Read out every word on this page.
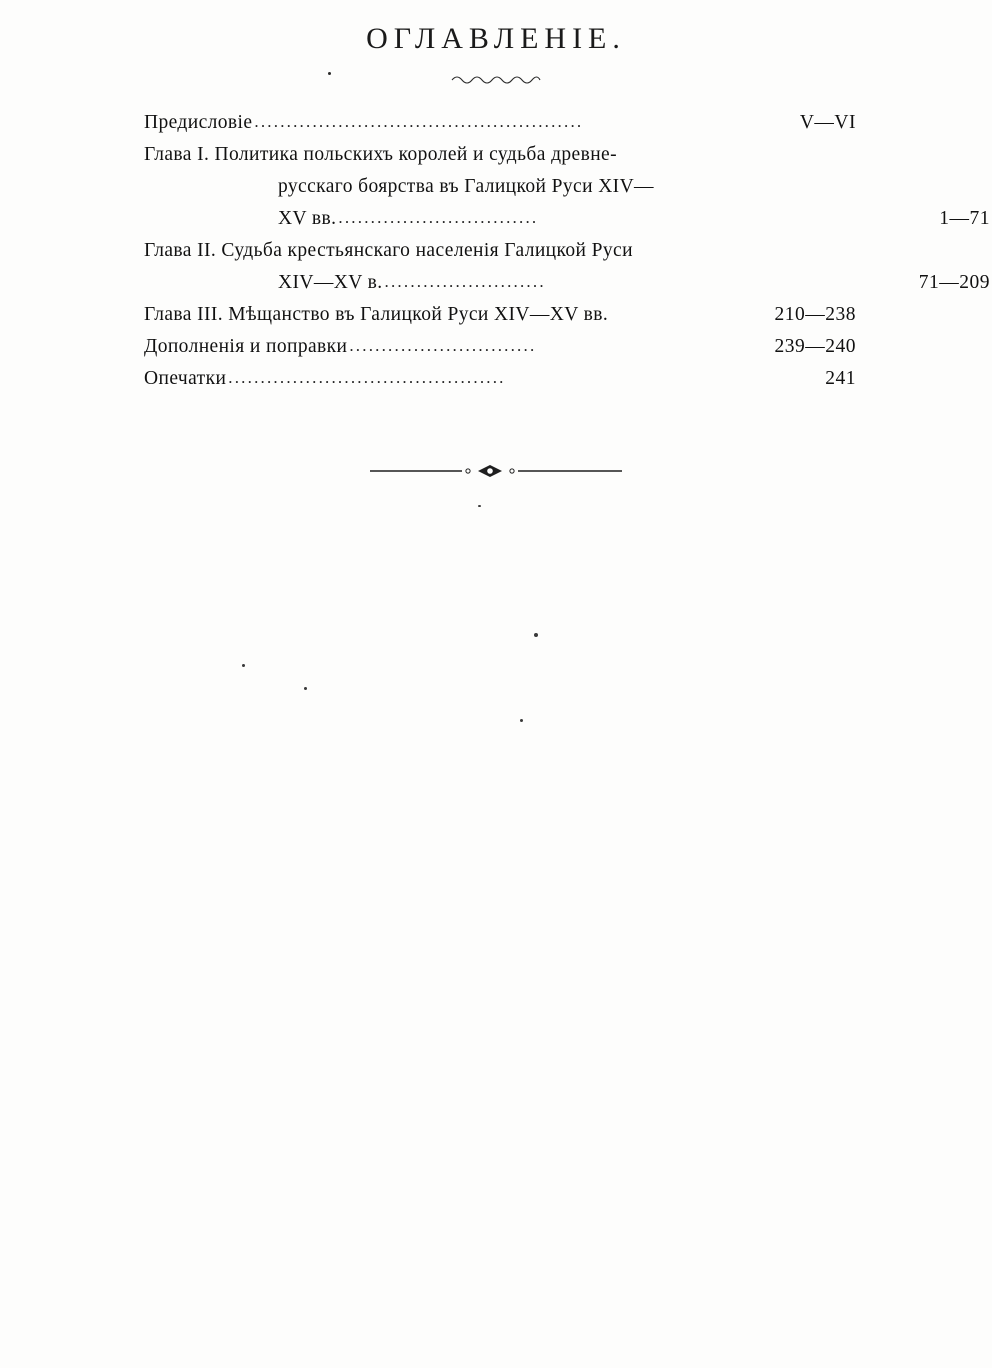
ОГЛАВЛЕНIЕ.
Предисловiе ...................................................	V—VI
Глава I. Политика польскихъ королей и судьба древне-
русскаго боярства въ Галицкой Руси XIV—
XV вв. ...............................	1—71
Глава II. Судьба крестьянскаго населенiя Галицкой Руси
XIV—XV в. .........................	71—209
Глава III. Мѣщанство въ Галицкой Руси XIV—XV вв.	210—238
Дополненiя и поправки .............................	239—240
Опечатки ...........................................	241
